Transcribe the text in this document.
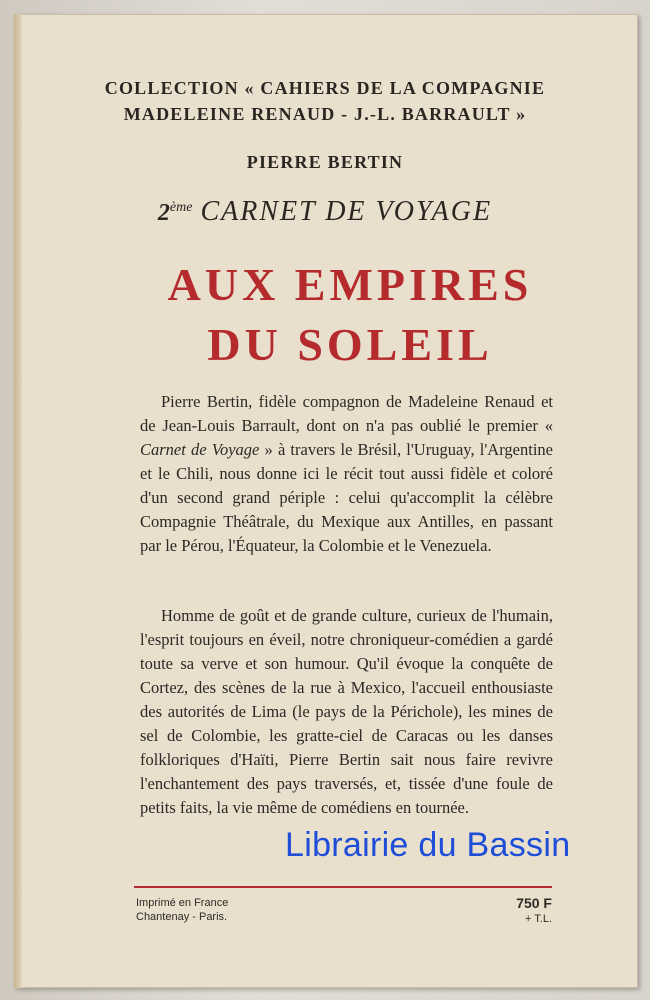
COLLECTION « CAHIERS DE LA COMPAGNIE

MADELEINE RENAUD - J.-L. BARRAULT »

PIERRE BERTIN

2ème CARNET DE VOYAGE

AUX EMPIRES

DU SOLEIL

Pierre Bertin, fidèle compagnon de Madeleine Renaud et de Jean-Louis Barrault, dont on n'a pas oublié le premier « Carnet de Voyage » à travers le Brésil, l'Uruguay, l'Argentine et le Chili, nous donne ici le récit tout aussi fidèle et coloré d'un second grand périple : celui qu'accomplit la célèbre Compagnie Théâtrale, du Mexique aux Antilles, en passant par le Pérou, l'Équateur, la Colombie et le Venezuela.

Homme de goût et de grande culture, curieux de l'humain, l'esprit toujours en éveil, notre chroniqueur-comédien a gardé toute sa verve et son humour. Qu'il évoque la conquête de Cortez, des scènes de la rue à Mexico, l'accueil enthousiaste des autorités de Lima (le pays de la Périchole), les mines de sel de Colombie, les gratte-ciel de Caracas ou les danses folkloriques d'Haïti, Pierre Bertin sait nous faire revivre l'enchantement des pays traversés, et, tissée d'une foule de petits faits, la vie même de comédiens en tournée.

Librairie du Bassin
Imprimé en France
Chantenay - Paris.
750 F
+ T.L.
